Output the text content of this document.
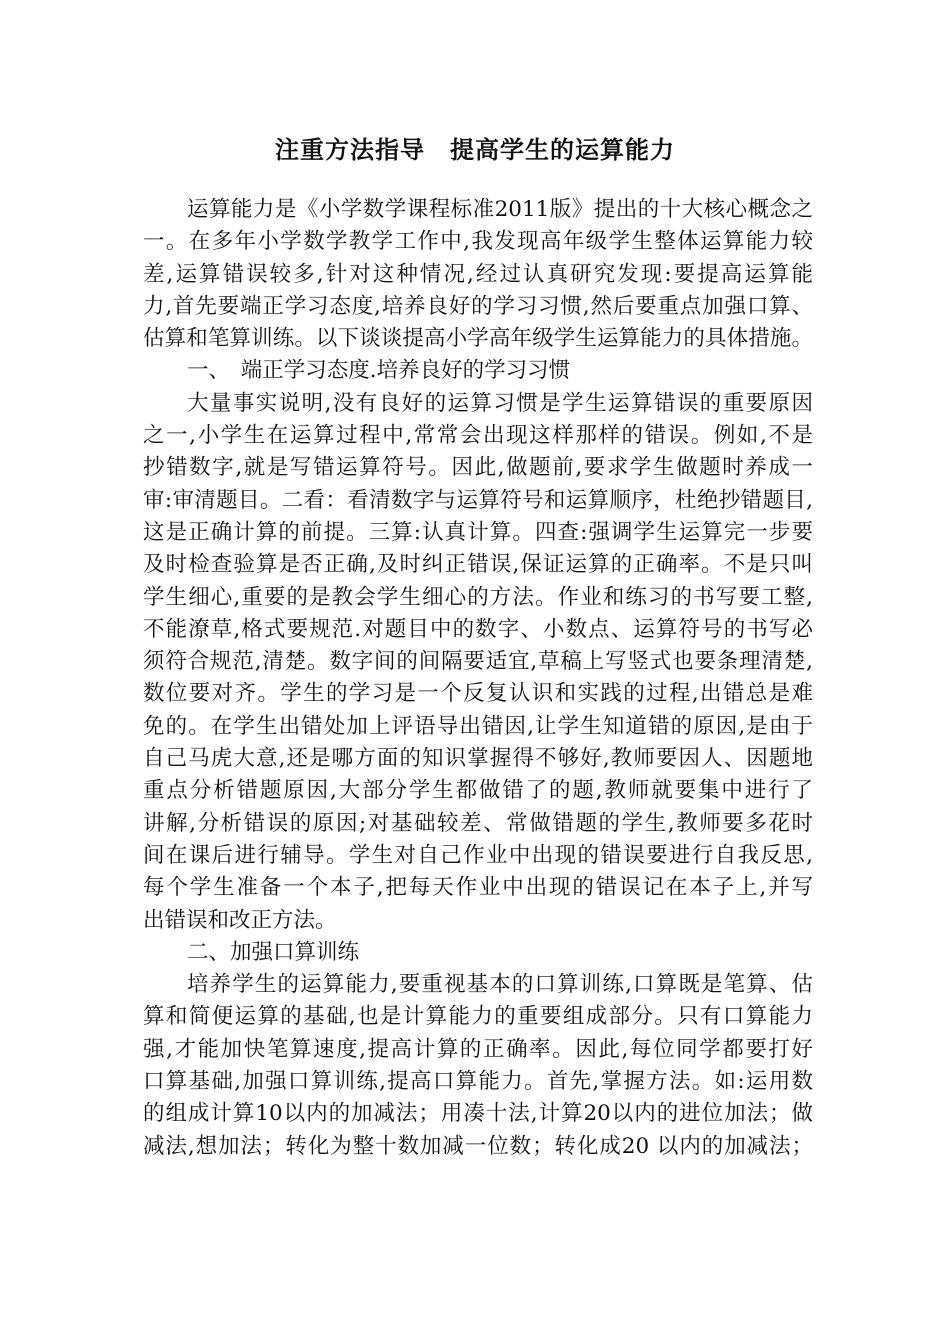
注重方法指导　提高学生的运算能力
运算能力是《小学数学课程标准2011版》提出的十大核心概念之
一。在多年小学数学教学工作中,我发现高年级学生整体运算能力较
差,运算错误较多,针对这种情况,经过认真研究发现:要提高运算能
力,首先要端正学习态度,培养良好的学习习惯,然后要重点加强口算、
估算和笔算训练。以下谈谈提高小学高年级学生运算能力的具体措施。
一、　端正学习态度.培养良好的学习习惯
大量事实说明,没有良好的运算习惯是学生运算错误的重要原因
之一,小学生在运算过程中,常常会出现这样那样的错误。例如,不是
抄错数字,就是写错运算符号。因此,做题前,要求学生做题时养成一
审:审清题目。二看：看清数字与运算符号和运算顺序，杜绝抄错题目,
这是正确计算的前提。三算:认真计算。四查:强调学生运算完一步要
及时检查验算是否正确,及时纠正错误,保证运算的正确率。不是只叫
学生细心,重要的是教会学生细心的方法。作业和练习的书写要工整,
不能潦草,格式要规范.对题目中的数字、小数点、运算符号的书写必
须符合规范,清楚。数字间的间隔要适宜,草稿上写竖式也要条理清楚,
数位要对齐。学生的学习是一个反复认识和实践的过程,出错总是难
免的。在学生出错处加上评语导出错因,让学生知道错的原因,是由于
自己马虎大意,还是哪方面的知识掌握得不够好,教师要因人、因题地
重点分析错题原因,大部分学生都做错了的题,教师就要集中进行了
讲解,分析错误的原因;对基础较差、常做错题的学生,教师要多花时
间在课后进行辅导。学生对自己作业中出现的错误要进行自我反思,
每个学生准备一个本子,把每天作业中出现的错误记在本子上,并写
出错误和改正方法。
二、加强口算训练
培养学生的运算能力,要重视基本的口算训练,口算既是笔算、估
算和简便运算的基础,也是计算能力的重要组成部分。只有口算能力
强,才能加快笔算速度,提高计算的正确率。因此,每位同学都要打好
口算基础,加强口算训练,提高口算能力。首先,掌握方法。如:运用数
的组成计算10以内的加减法；用凑十法,计算20以内的进位加法；做
减法,想加法；转化为整十数加减一位数；转化成20 以内的加减法；
